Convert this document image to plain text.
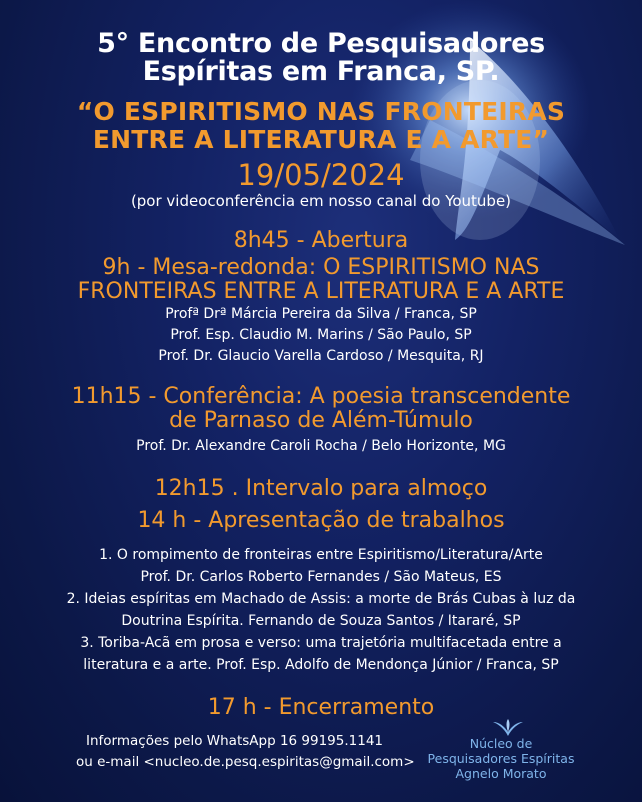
5° Encontro de Pesquisadores
Espíritas em Franca, SP.
“O ESPIRITISMO NAS FRONTEIRAS
ENTRE A LITERATURA E A ARTE”
19/05/2024
(por videoconferência em nosso canal do Youtube)
8h45 - Abertura
9h - Mesa-redonda: O ESPIRITISMO NAS
FRONTEIRAS ENTRE A LITERATURA E A ARTE
Profª Drª Márcia Pereira da Silva / Franca, SP
Prof. Esp. Claudio M. Marins / São Paulo, SP
Prof. Dr. Glaucio Varella Cardoso / Mesquita, RJ
11h15 - Conferência: A poesia transcendente
de Parnaso de Além-Túmulo
Prof. Dr. Alexandre Caroli Rocha / Belo Horizonte, MG
12h15 . Intervalo para almoço
14 h - Apresentação de trabalhos
1. O rompimento de fronteiras entre Espiritismo/Literatura/Arte
Prof. Dr. Carlos Roberto Fernandes / São Mateus, ES
2. Ideias espíritas em Machado de Assis: a morte de Brás Cubas à luz da
Doutrina Espírita. Fernando de Souza Santos / Itararé, SP
3. Toriba-Acã em prosa e verso: uma trajetória multifacetada entre a
literatura e a arte. Prof. Esp. Adolfo de Mendonça Júnior / Franca, SP
17 h - Encerramento
Informações pelo WhatsApp 16 99195.1141
ou e-mail <nucleo.de.pesq.espiritas@gmail.com>
Núcleo de
Pesquisadores Espíritas
Agnelo Morato
